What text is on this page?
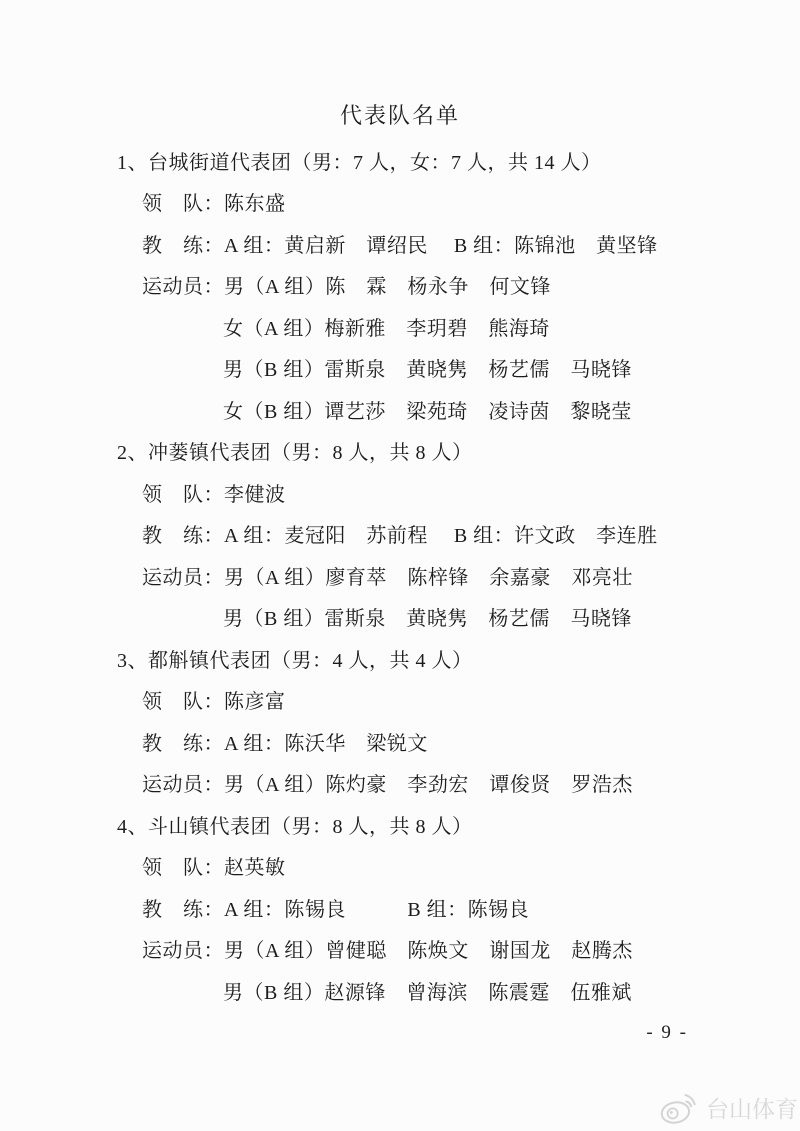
代表队名单
1、台城街道代表团（男：7 人，女：7 人，共 14 人）
领　队：陈东盛
教　练：A 组：黄启新　谭绍民　 B 组：陈锦池　黄坚锋
运动员：男（A 组）陈　霖　杨永争　何文锋
女（A 组）梅新雅　李玥碧　熊海琦
男（B 组）雷斯泉　黄晓隽　杨艺儒　马晓锋
女（B 组）谭艺莎　梁苑琦　凌诗茵　黎晓莹
2、冲蒌镇代表团（男：8 人，共 8 人）
领　队：李健波
教　练：A 组：麦冠阳　苏前程　 B 组：许文政　李连胜
运动员：男（A 组）廖育萃　陈梓锋　余嘉豪　邓亮壮
男（B 组）雷斯泉　黄晓隽　杨艺儒　马晓锋
3、都斛镇代表团（男：4 人，共 4 人）
领　队：陈彦富
教　练：A 组：陈沃华　梁锐文
运动员：男（A 组）陈灼豪　李劲宏　谭俊贤　罗浩杰
4、斗山镇代表团（男：8 人，共 8 人）
领　队：赵英敏
教　练：A 组：陈锡良　　　B 组：陈锡良
运动员：男（A 组）曾健聪　陈焕文　谢国龙　赵腾杰
男（B 组）赵源锋　曾海滨　陈震霆　伍雅斌
- 9 -
台山体育
